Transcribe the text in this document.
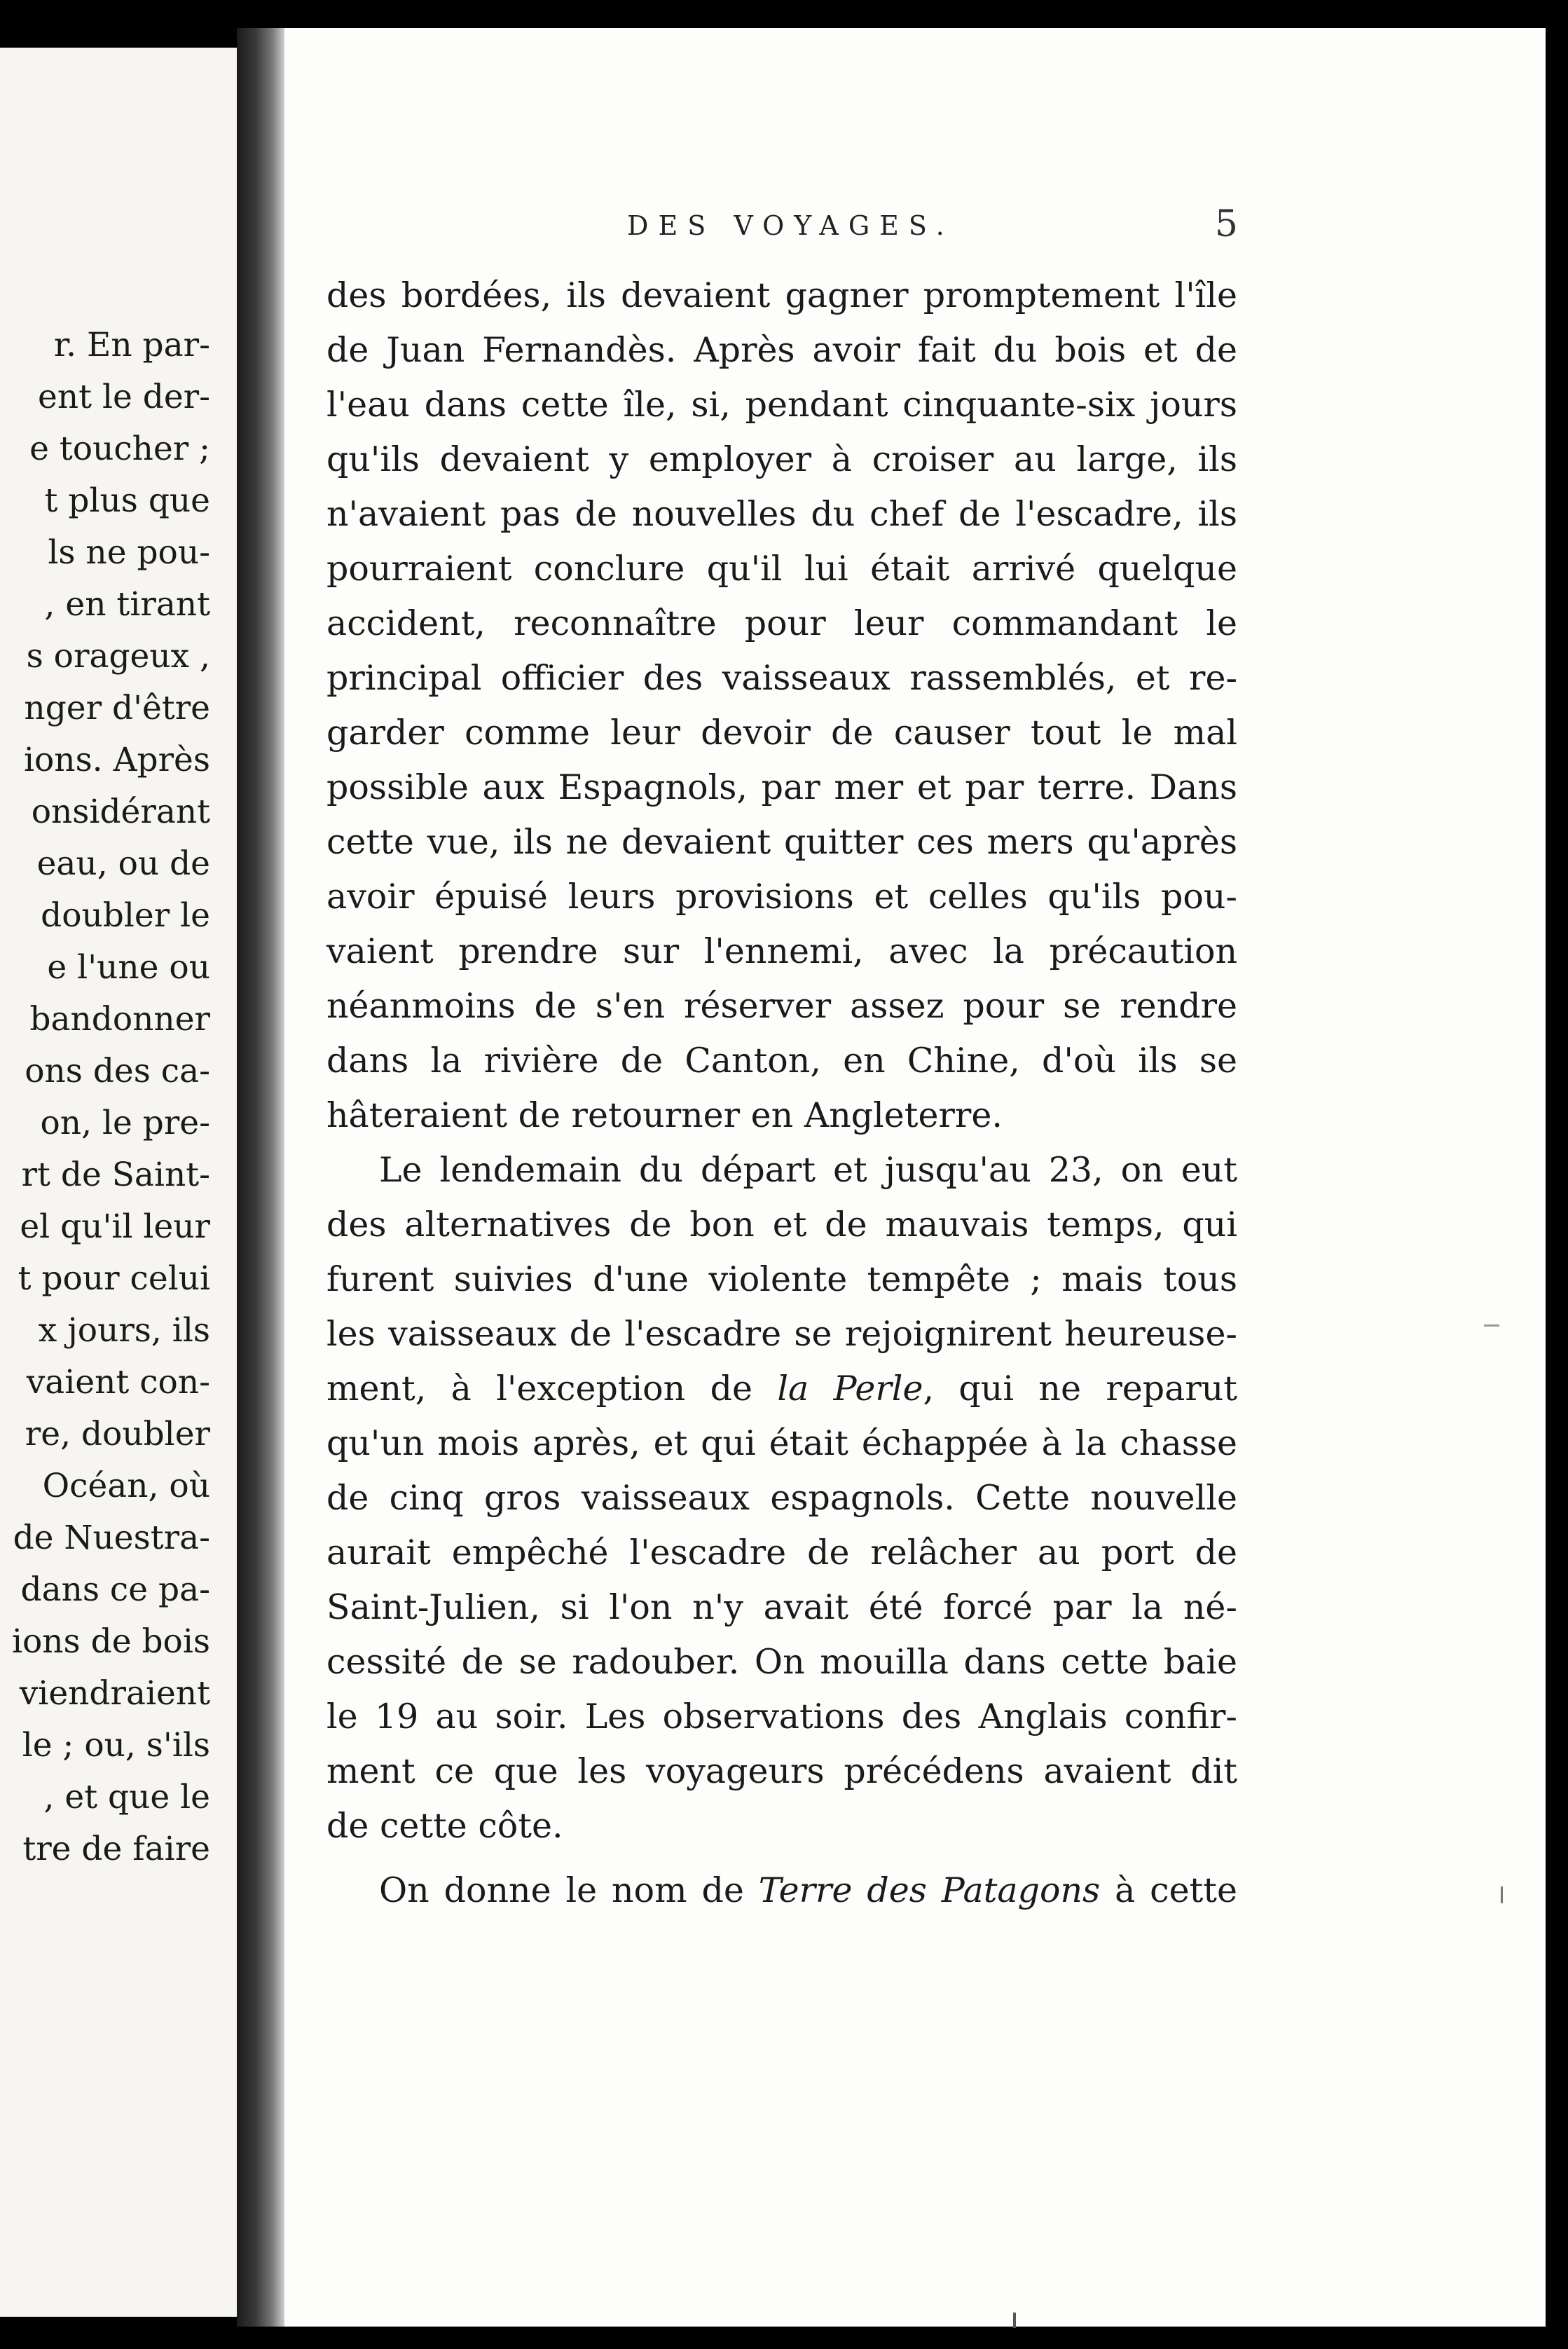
r. En par-
ent le der-
e toucher ;
t plus que
ls ne pou-
, en tirant
s orageux ,
nger d'être
ions. Après
onsidérant
eau, ou de
doubler le
e l'une ou
bandonner
ons des ca-
on, le pre-
rt de Saint-
el qu'il leur
t pour celui
x jours, ils
vaient con-
re, doubler
Océan, où
de Nuestra-
dans ce pa-
ions de bois
viendraient
le ; ou, s'ils
, et que le
tre de faire
DES VOYAGES.	5
des bordées, ils devaient gagner promptement l'île
de Juan Fernandès. Après avoir fait du bois et de
l'eau dans cette île, si, pendant cinquante-six jours
qu'ils devaient y employer à croiser au large, ils
n'avaient pas de nouvelles du chef de l'escadre, ils
pourraient conclure qu'il lui était arrivé quelque
accident, reconnaître pour leur commandant le
principal officier des vaisseaux rassemblés, et re-
garder comme leur devoir de causer tout le mal
possible aux Espagnols, par mer et par terre. Dans
cette vue, ils ne devaient quitter ces mers qu'après
avoir épuisé leurs provisions et celles qu'ils pou-
vaient prendre sur l'ennemi, avec la précaution
néanmoins de s'en réserver assez pour se rendre
dans la rivière de Canton, en Chine, d'où ils se
hâteraient de retourner en Angleterre.
Le lendemain du départ et jusqu'au 23, on eut
des alternatives de bon et de mauvais temps, qui
furent suivies d'une violente tempête ; mais tous
les vaisseaux de l'escadre se rejoignirent heureuse-
ment, à l'exception de la Perle, qui ne reparut
qu'un mois après, et qui était échappée à la chasse
de cinq gros vaisseaux espagnols. Cette nouvelle
aurait empêché l'escadre de relâcher au port de
Saint-Julien, si l'on n'y avait été forcé par la né-
cessité de se radouber. On mouilla dans cette baie
le 19 au soir. Les observations des Anglais confir-
ment ce que les voyageurs précédens avaient dit
de cette côte.
On donne le nom de Terre des Patagons à cette
